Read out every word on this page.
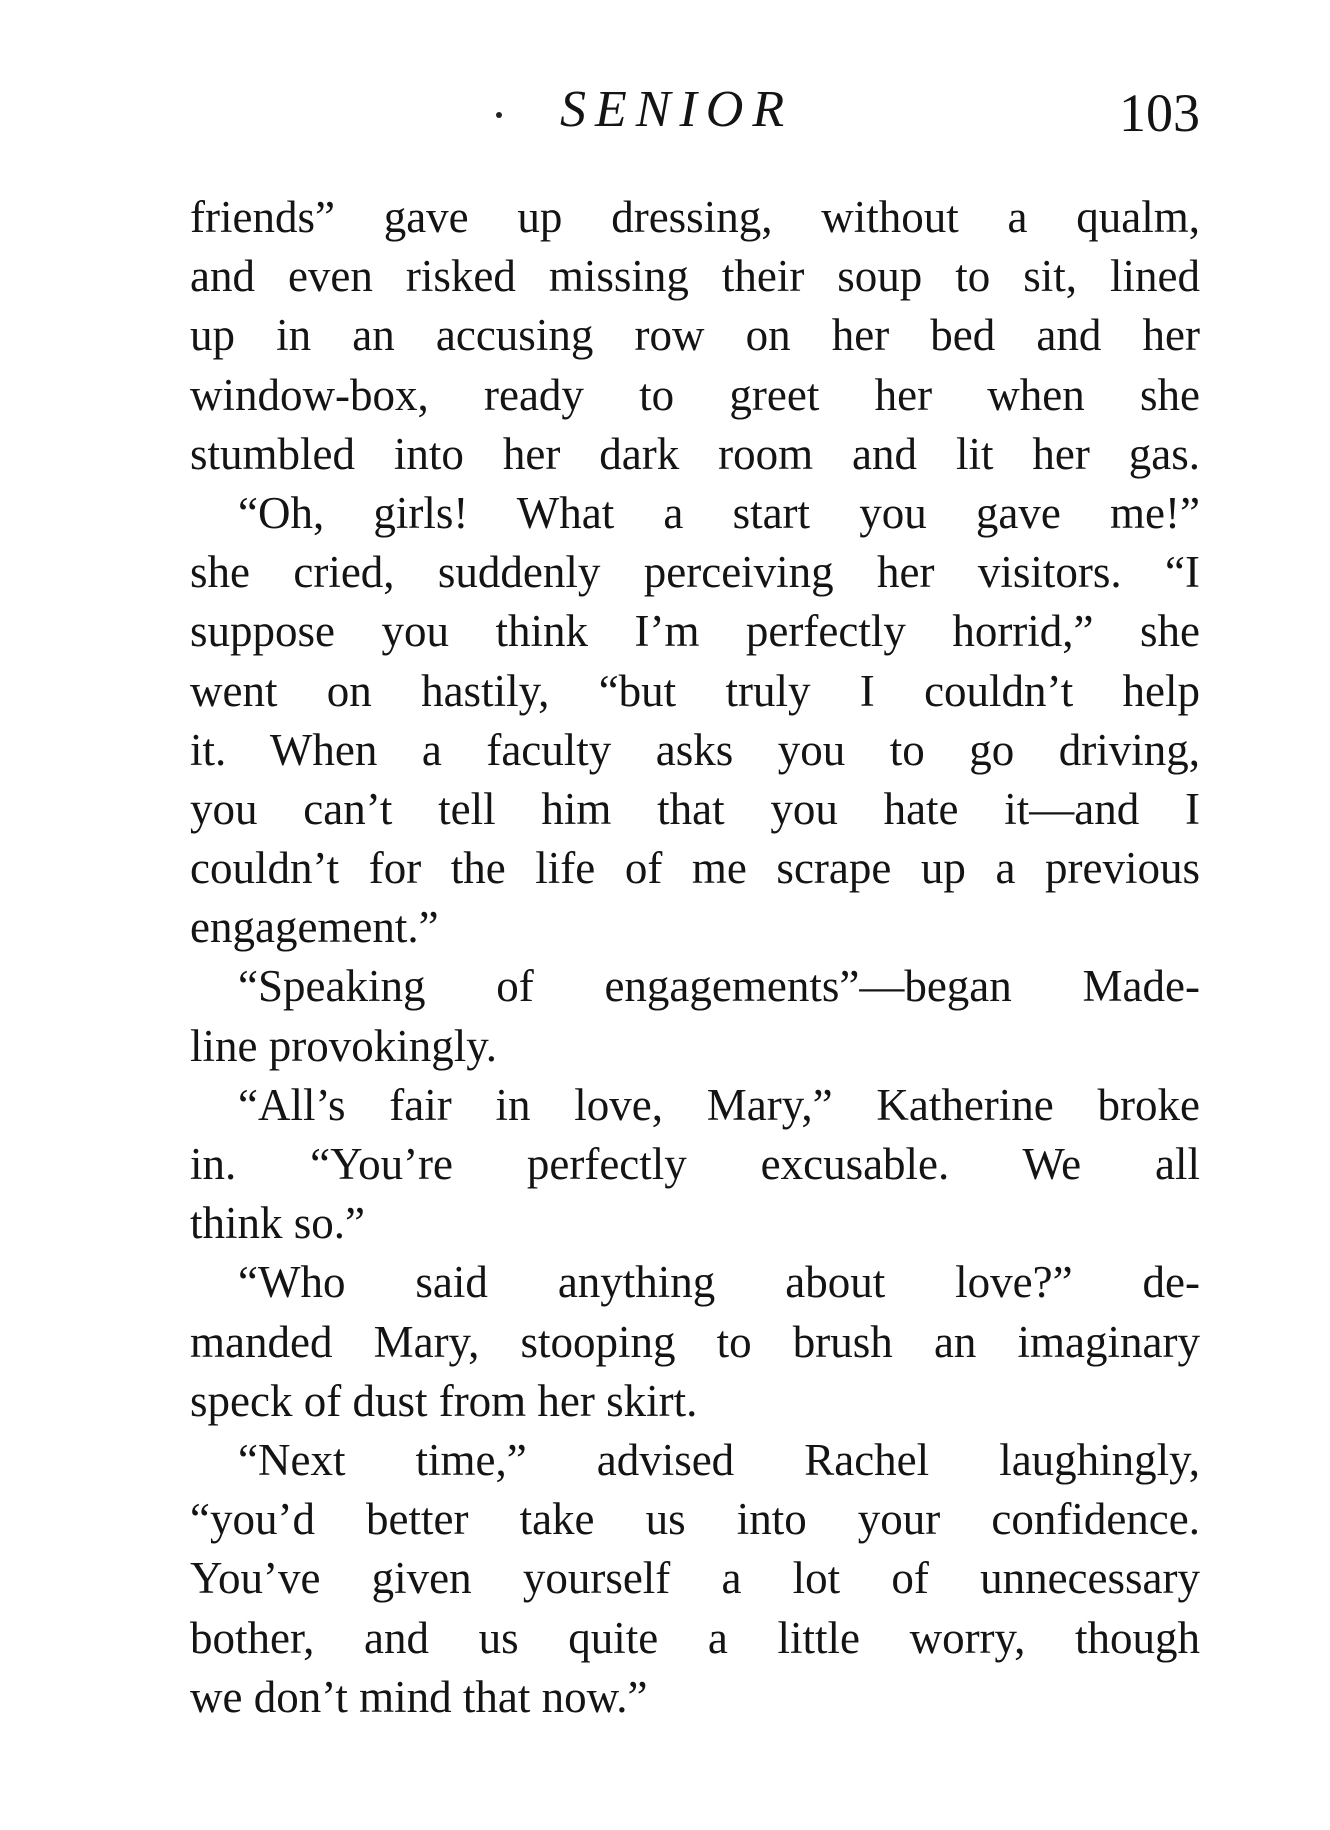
SENIOR	103
friends” gave up dressing, without a qualm,
and even risked missing their soup to sit, lined
up in an accusing row on her bed and her
window-box, ready to greet her when she
stumbled into her dark room and lit her gas.
“Oh, girls! What a start you gave me!”
she cried, suddenly perceiving her visitors. “I
suppose you think I’m perfectly horrid,” she
went on hastily, “but truly I couldn’t help
it. When a faculty asks you to go driving,
you can’t tell him that you hate it—and I
couldn’t for the life of me scrape up a previous
engagement.”
“Speaking of engagements”—began Made-
line provokingly.
“All’s fair in love, Mary,” Katherine broke
in. “You’re perfectly excusable. We all
think so.”
“Who said anything about love?” de-
manded Mary, stooping to brush an imaginary
speck of dust from her skirt.
“Next time,” advised Rachel laughingly,
“you’d better take us into your confidence.
You’ve given yourself a lot of unnecessary
bother, and us quite a little worry, though
we don’t mind that now.”
